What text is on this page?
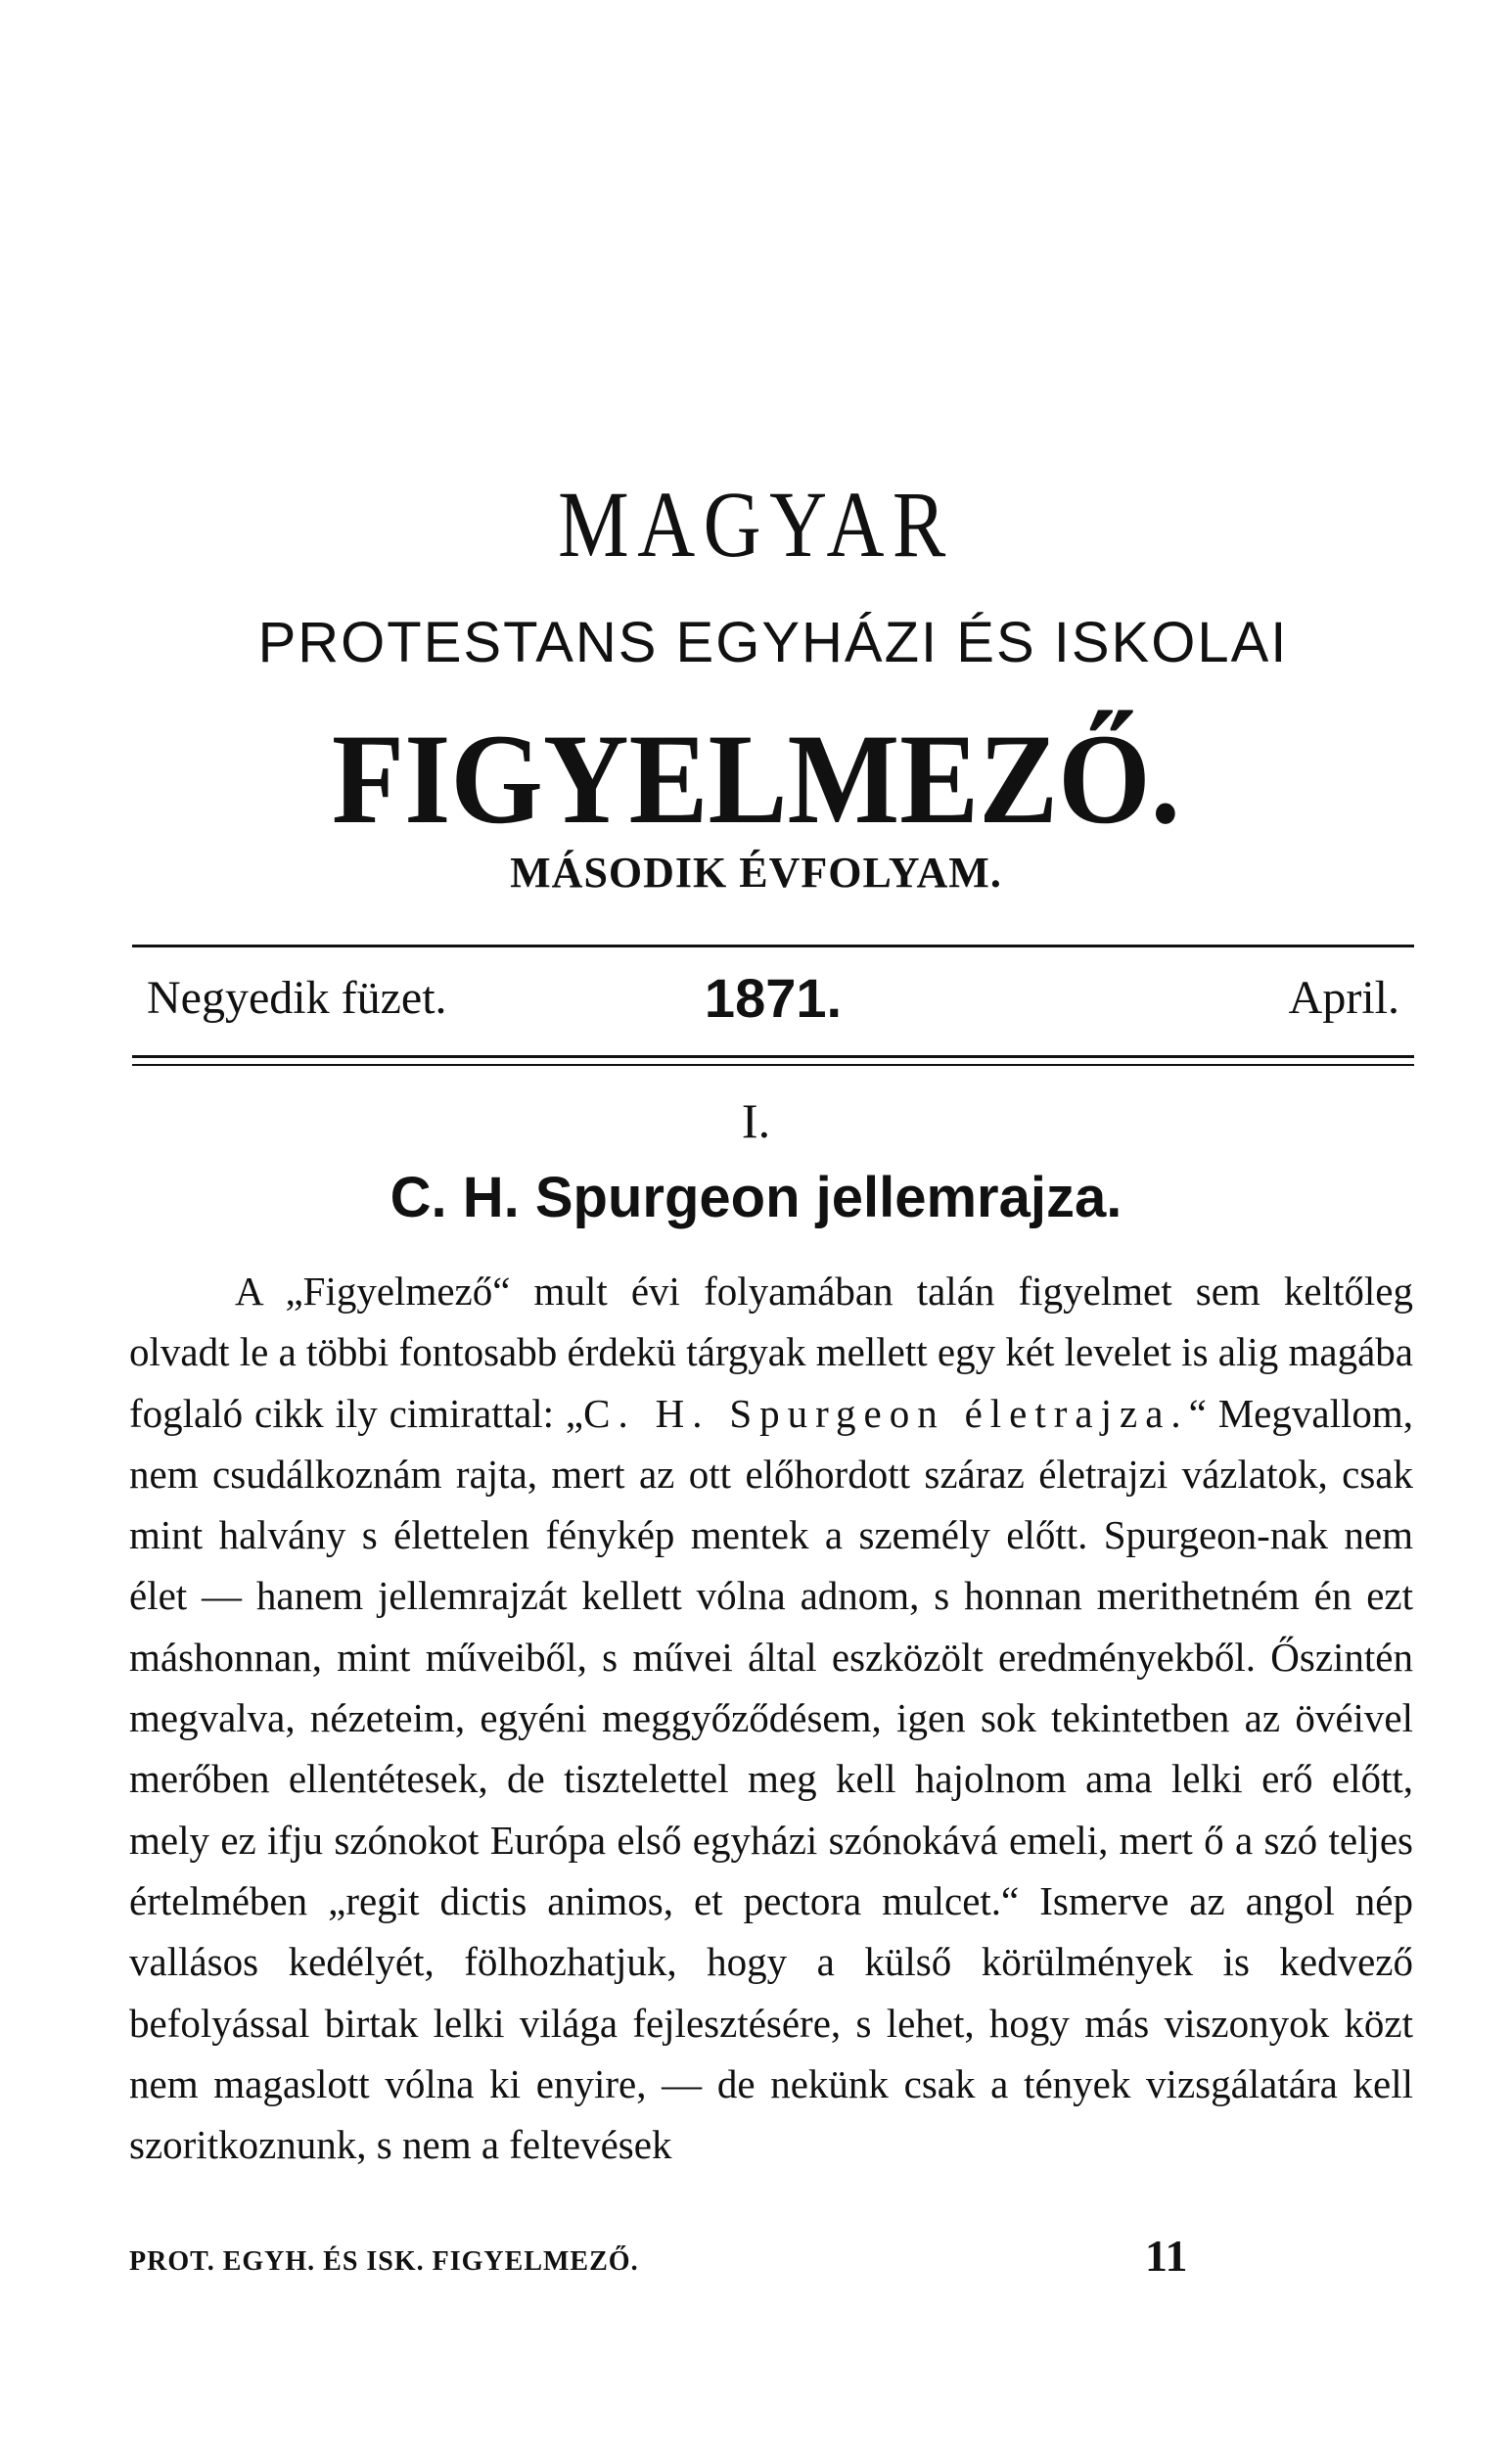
MAGYAR
PROTESTANS EGYHÁZI ÉS ISKOLAI
FIGYELMEZŐ.
MÁSODIK ÉVFOLYAM.
Negyedik füzet.	1871.	April.
I.
C. H. Spurgeon jellemrajza.

A „Figyelmező“ mult évi folyamában talán figyelmet sem keltőleg olvadt le a többi fontosabb érdekü tárgyak mellett egy két levelet is alig magába foglaló cikk ily cimirattal: „C. H. Spurgeon életrajza.“ Megvallom, nem csudálkoznám rajta, mert az ott előhordott száraz életrajzi vázlatok, csak mint halvány s élettelen fénykép mentek a személy előtt. Spurgeon-nak nem élet — hanem jellemrajzát kellett vólna adnom, s honnan merithetném én ezt máshonnan, mint műveiből, s művei által eszközölt eredményekből. Őszintén megvalva, nézeteim, egyéni meggyőződésem, igen sok tekintetben az övéivel merőben ellentétesek, de tisztelettel meg kell hajolnom ama lelki erő előtt, mely ez ifju szónokot Európa első egyházi szónokává emeli, mert ő a szó teljes értelmében „regit dictis animos, et pectora mulcet.“ Ismerve az angol nép vallásos kedélyét, fölhozhatjuk, hogy a külső körülmények is kedvező befolyással birtak lelki világa fejlesztésére, s lehet, hogy más viszonyok közt nem magaslott vólna ki enyire, — de nekünk csak a tények vizsgálatára kell szoritkoznunk, s nem a feltevések

PROT. EGYH. ÉS ISK. FIGYELMEZŐ.	11
